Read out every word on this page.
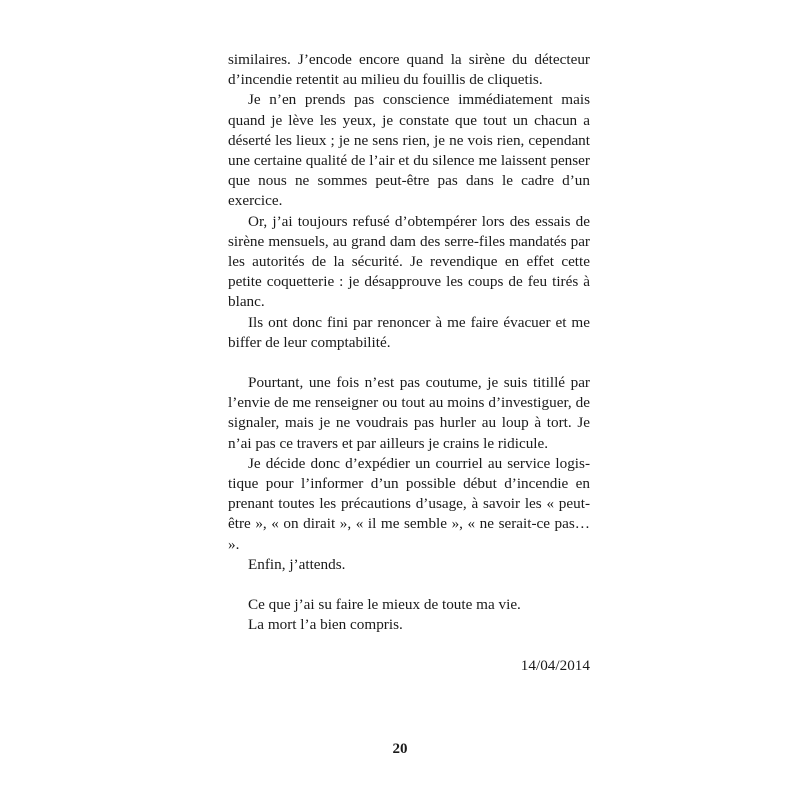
similaires. J’encode encore quand la sirène du détecteur d’incendie retentit au milieu du fouillis de cliquetis.

Je n’en prends pas conscience immédiatement mais quand je lève les yeux, je constate que tout un chacun a déserté les lieux ; je ne sens rien, je ne vois rien, cependant une certaine qualité de l’air et du silence me laissent penser que nous ne sommes peut-être pas dans le cadre d’un exercice.

Or, j’ai toujours refusé d’obtempérer lors des essais de sirène mensuels, au grand dam des serre-files mandatés par les autorités de la sécurité. Je revendique en effet cette petite coquetterie : je désapprouve les coups de feu tirés à blanc.

Ils ont donc fini par renoncer à me faire évacuer et me biffer de leur comptabilité.

Pourtant, une fois n’est pas coutume, je suis titillé par l’envie de me renseigner ou tout au moins d’investiguer, de signaler, mais je ne voudrais pas hurler au loup à tort. Je n’ai pas ce travers et par ailleurs je crains le ridicule.

Je décide donc d’expédier un courriel au service logistique pour l’informer d’un possible début d’incendie en prenant toutes les précautions d’usage, à savoir les « peut-être », « on dirait », « il me semble », « ne serait-ce pas… ».

Enfin, j’attends.

Ce que j’ai su faire le mieux de toute ma vie.

La mort l’a bien compris.

14/04/2014

20
